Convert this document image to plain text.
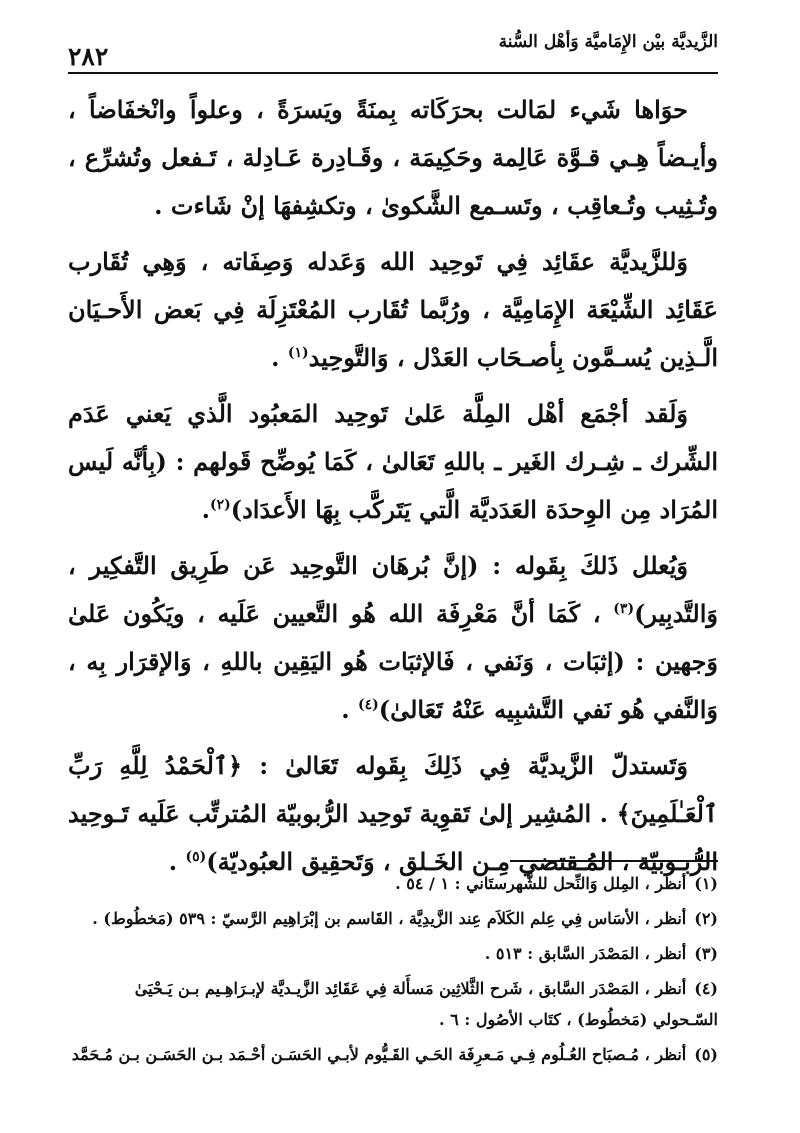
الزَّيديَّة بيْن الإِمَاميَّة وَأهْل السُّنة
٢٨٢

حوَاها شَيء لمَالت بحرَكَاته بِمنَةً ويَسرَةً ، وعلواً وانْخفَاضاً ، وأيـضاً هِـي قـوَّة عَالِمة وحَكِيمَة ، وقَـادِرة عَـادِلة ، تَـفعل وتُشرِّع ، وتُـثِيب وتُـعاقِب ، وتَسـمع الشَّكوىٰ ، وتكشِفهَا إنْ شَاءت .

وَللزَّيديَّة عقَائِد فِي تَوحِيد الله وَعَدله وَصِفَاته ، وَهِي تُقَارب عَقَائِد الشِّيْعَة الإِمَامِيَّة ، ورُبَّما تُقَارب المُعْتَزِلَة فِي بَعض الأَحـيَان الَّـذِين يُسـمَّون بِأصـحَاب العَدْل ، وَالتَّوحِيد$^{(١)}$ .

وَلَقد أجْمَع أهْل المِلَّة عَلىٰ تَوحِيد المَعبُود الَّذي يَعني عَدَم الشِّرك ـ شِـرك الغَير ـ باللهِ تَعَالىٰ ، كَمَا يُوضِّح قَولهم : (بِأنَّه لَيس المُرَاد مِن الوِحدَة العَدَديَّة الَّتي يَتَركَّب بِهَا الأَعدَاد)$^{(٢)}$.

وَيُعلل ذَلكَ بِقَوله : (إنَّ بُرهَان التَّوحِيد عَن طَرِيق التَّفكِير ، وَالتَّدبِير)$^{(٣)}$ ، كَمَا أنَّ مَعْرِفَة الله هُو التَّعيين عَلَيه ، ويَكُون عَلىٰ وَجهين : (إثبَات ، وَنَفي ، فَالإثبَات هُو اليَقِين باللهِ ، وَالإقرَار بِه ، وَالنَّفي هُو نَفي التَّشبِيه عَنْهُ تَعَالىٰ)$^{(٤)}$ .

وَتَستدلّ الزَّيديَّة فِي ذَلِكَ بِقَوله تَعَالىٰ : ﴿ٱلْحَمْدُ لِلَّهِ رَبِّ ٱلْعَـٰلَمِينَ﴾ . المُشِير إلىٰ تَقوِية تَوحِيد الرُّبوبيّة المُترتِّب عَلَيه تَـوحِيد الرُّبـوبيّة ، المُـقتضي مِـن الخَـلق ، وَتَحقِيق العبُوديّة)$^{(٥)}$ .

(١)أنظر ، المِلل وَالنِّحل للشَّهرستَاني : ١ / ٥٤ .

(٢)أنظر ، الأسَاس فِي عِلم الكَلاَم عِند الزَّيدِيَّة ، القَاسم بن إبْرَاهِيم الرَّسيّ : ٥٣٩ (مَخطُوط) .

(٣)أنظر ، المَصْدَر السَّابق : ٥١٣ .

(٤)أنظر ، المَصْدَر السَّابق ، شَرح الثَّلاثِين مَسأَلة فِي عَقَائِد الزَّيـديَّة لإبـرَاهِـيم بـن يَـحْيَىٰ السّـحولي (مَخطُوط) ، كتَاب الأصُول : ٦ .

(٥)أنظر ، مُـصبَاح العُـلُوم فِـي مَـعرِفَة الحَـي القَـيُّوم لأبـي الحَسَـن أحْـمَد بـن الحَسَـن بـن مُـحَمَّد
